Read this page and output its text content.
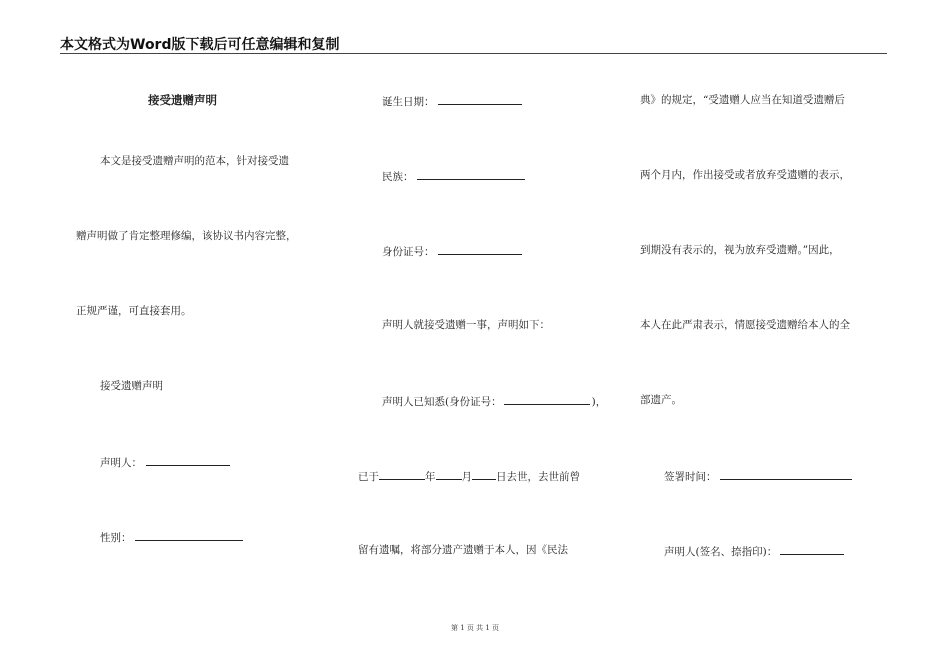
本文格式为Word版下载后可任意编辑和复制
接受遗赠声明
本文是接受遗赠声明的范本，针对接受遗
赠声明做了肯定整理修编，该协议书内容完整，
正规严谨，可直接套用。
接受遗赠声明
声明人：
性别：
诞生日期：
民族：
身份证号：
声明人就接受遗赠一事，声明如下：
声明人已知悉(身份证号：	)，
已于	年 月 日去世，去世前曾
留有遗嘱，将部分遗产遗赠于本人，因《民法
典》的规定，“受遗赠人应当在知道受遗赠后
两个月内，作出接受或者放弃受遗赠的表示，
到期没有表示的，视为放弃受遗赠。”因此，
本人在此严肃表示，情愿接受遗赠给本人的全
部遗产。
签署时间：
声明人(签名、捺指印)：
第 1 页 共 1 页
